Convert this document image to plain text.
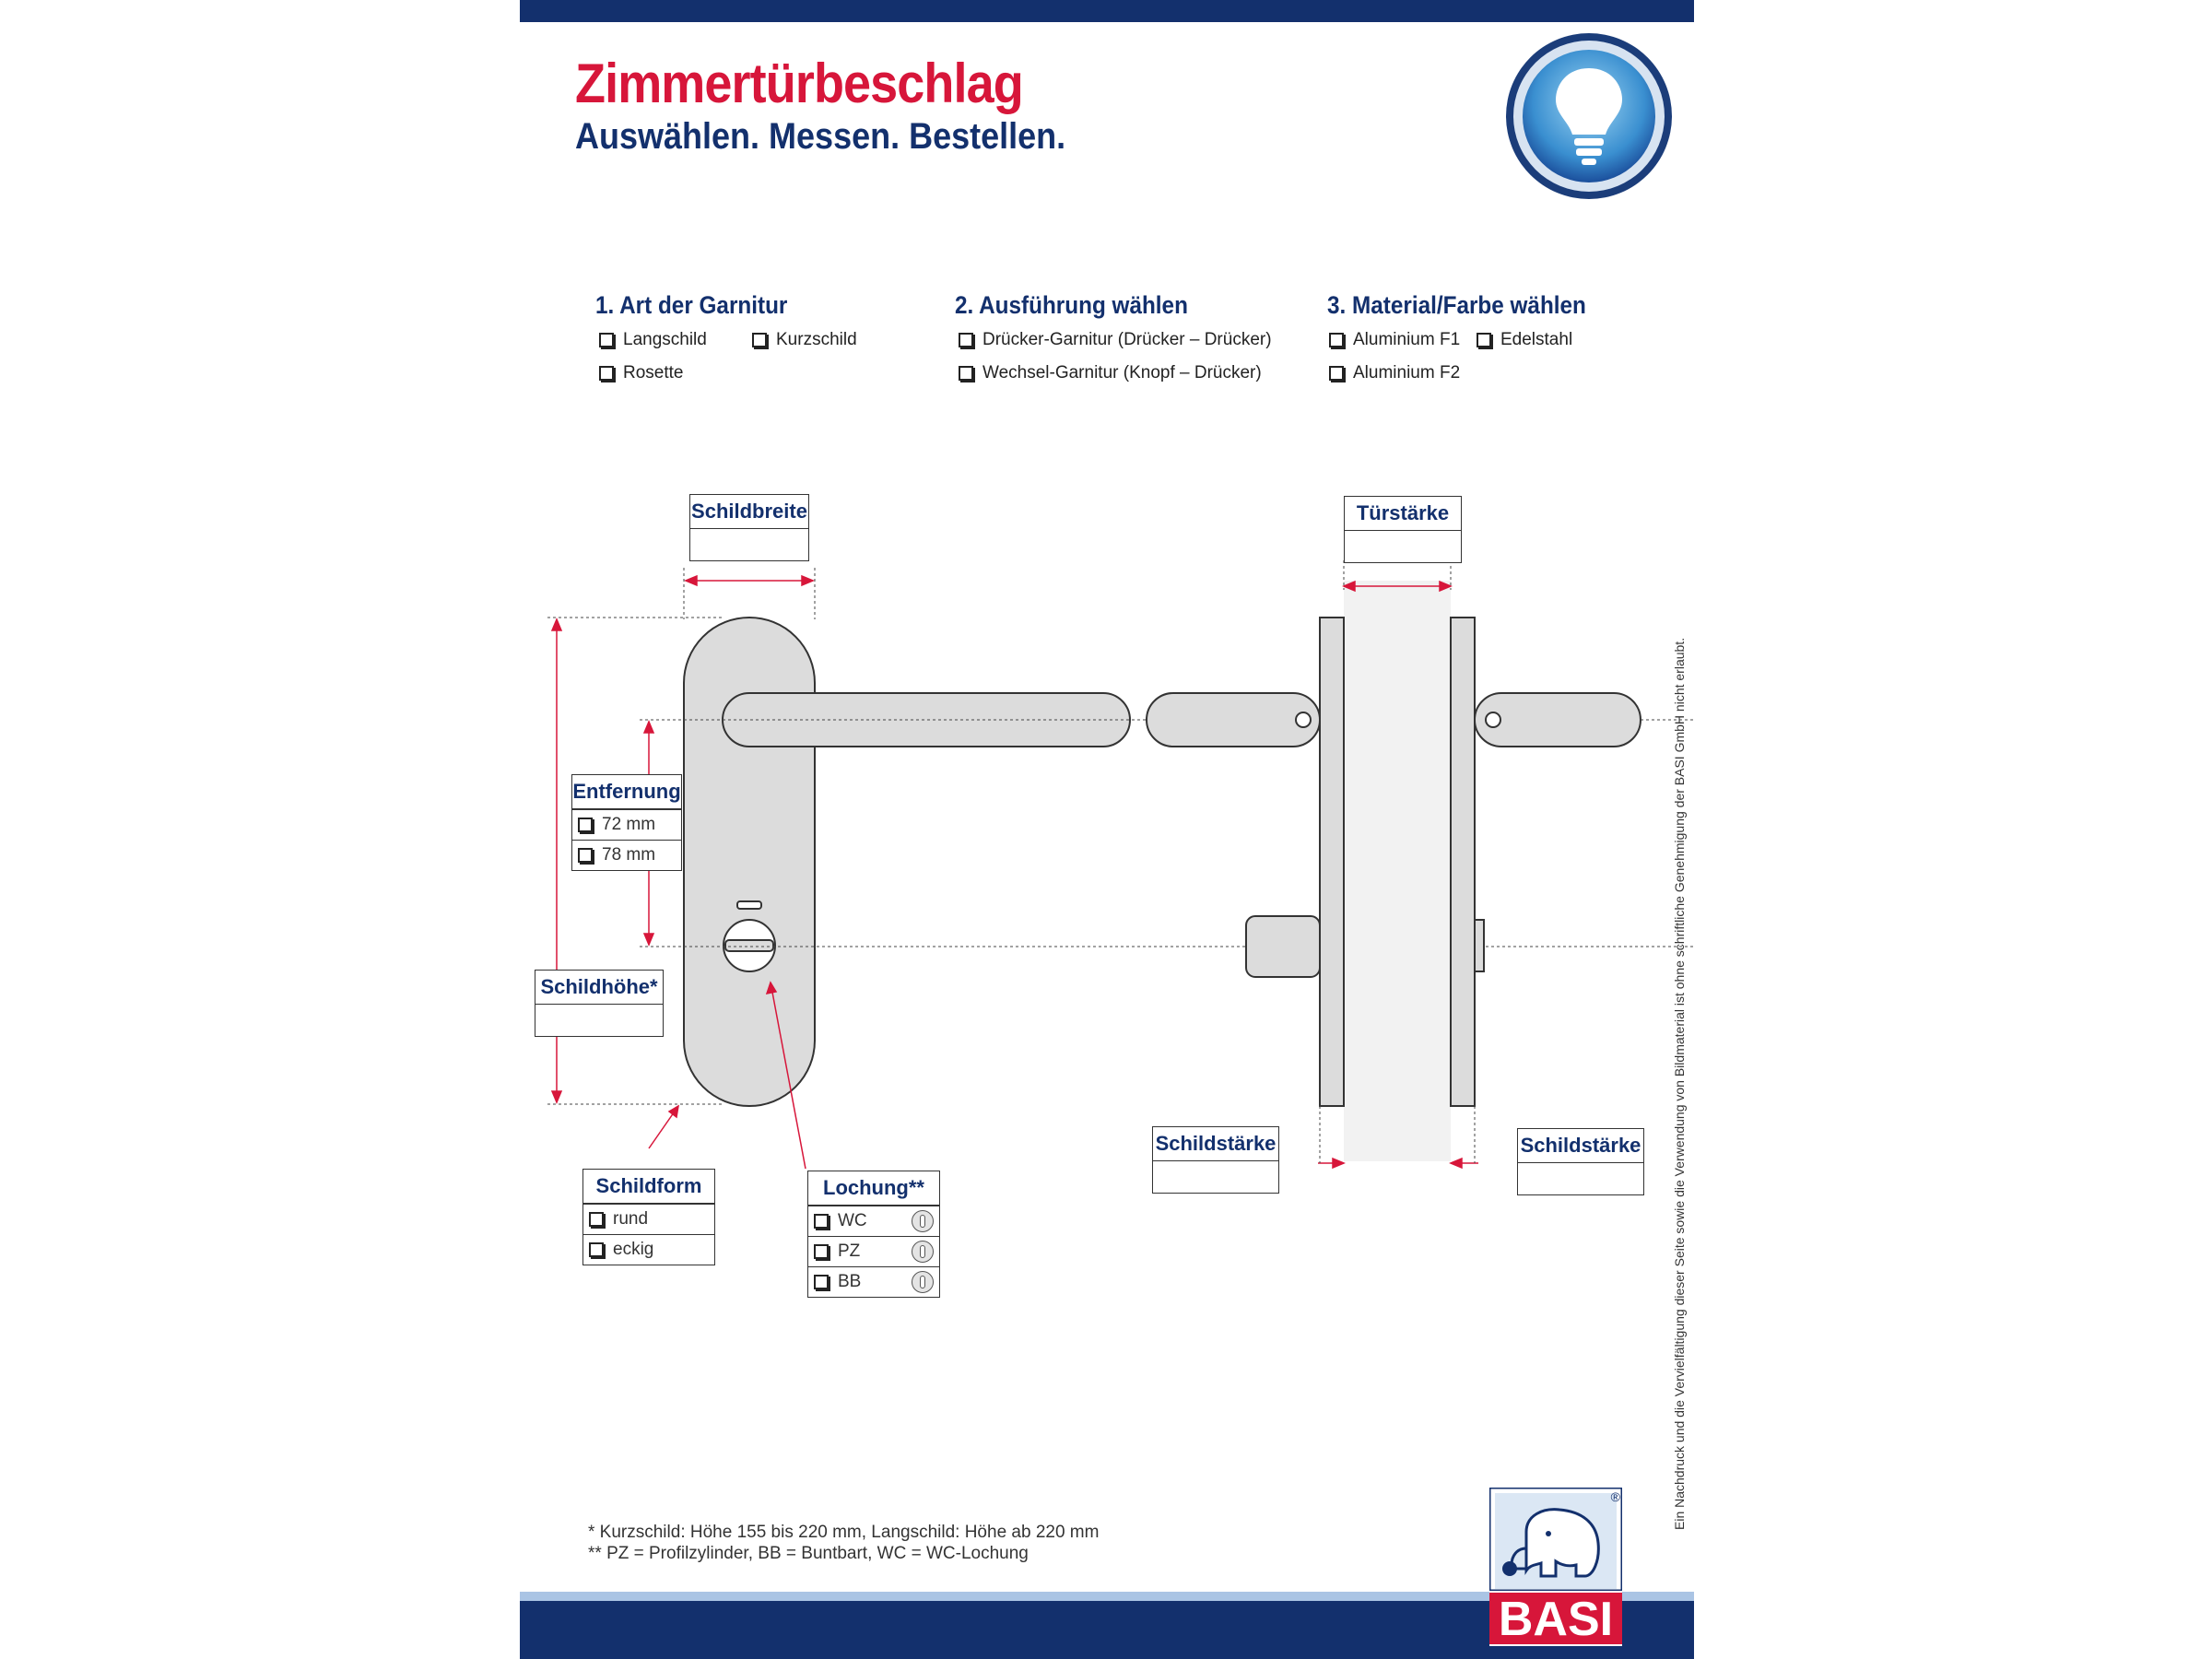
Zimmertürbeschlag
Auswählen. Messen. Bestellen.
1. Art der Garnitur
Langschild	Kurzschild
Rosette
2. Ausführung wählen
Drücker-Garnitur (Drücker – Drücker)
Wechsel-Garnitur (Knopf – Drücker)
3. Material/Farbe wählen
Aluminium F1 Edelstahl
Aluminium F2
Schildbreite	Türstärke
Entfernung
72 mm
78 mm
Schildhöhe*
Schildform
rund
eckig
Lochung**
WC
PZ
BB
Schildstärke	Schildstärke
* Kurzschild: Höhe 155 bis 220 mm, Langschild: Höhe ab 220 mm
** PZ = Profilzylinder, BB = Buntbart, WC = WC-Lochung
Ein Nachdruck und die Vervielfältigung dieser Seite sowie die Verwendung von Bildmaterial ist ohne schriftliche Genehmigung der BASI GmbH nicht erlaubt.
®
BASI
